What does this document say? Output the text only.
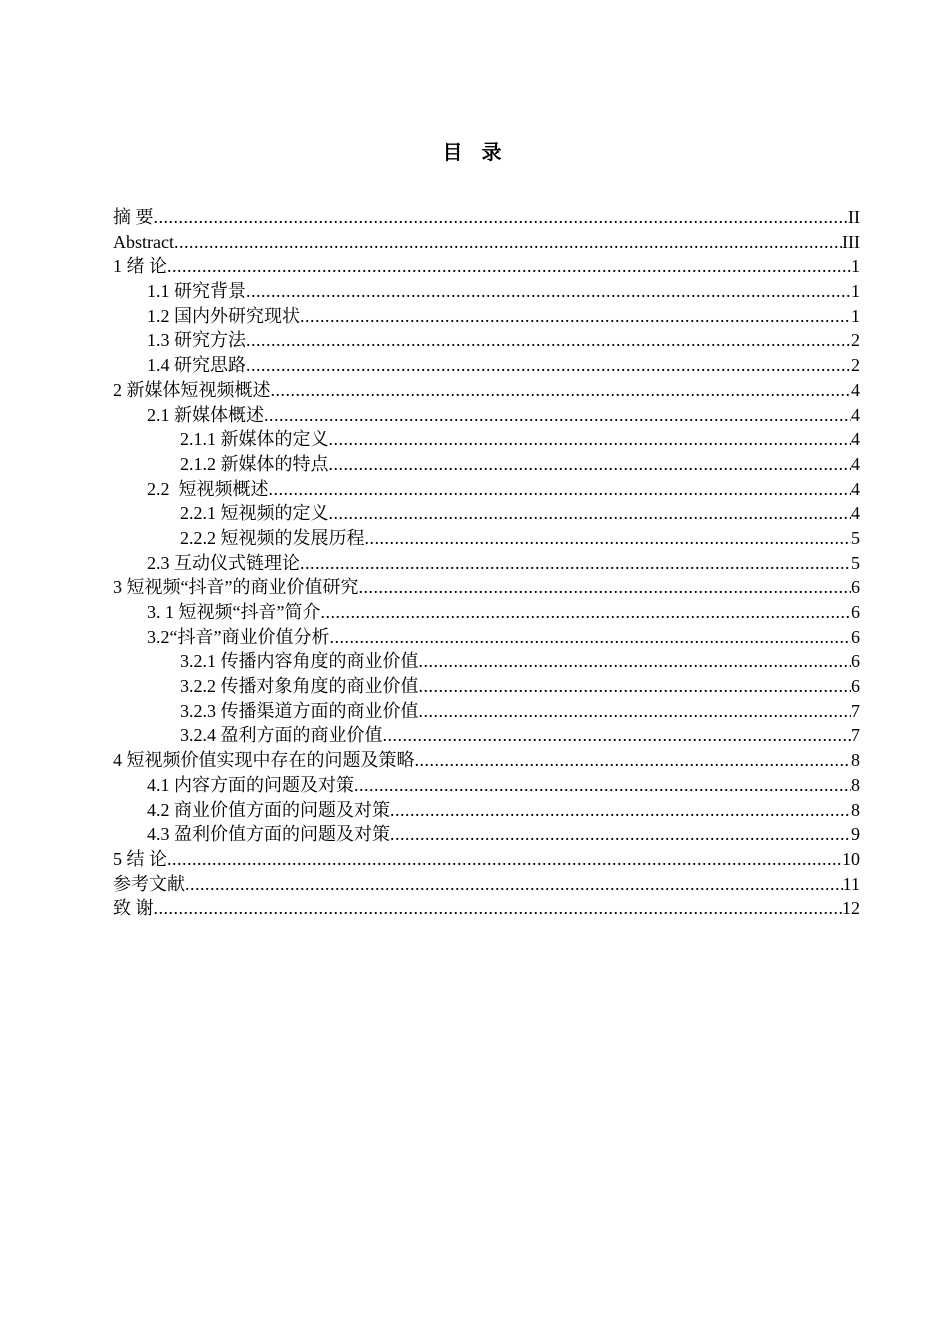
目 录
摘 要 .....	II
Abstract .....	III
1 绪 论 .....	1
1.1 研究背景 .....	1
1.2 国内外研究现状 .....	1
1.3 研究方法 .....	2
1.4 研究思路 .....	2
2 新媒体短视频概述 .....	4
2.1 新媒体概述 .....	4
2.1.1 新媒体的定义 .....	4
2.1.2 新媒体的特点 .....	4
2.2  短视频概述 .....	4
2.2.1 短视频的定义 .....	4
2.2.2 短视频的发展历程 .....	5
2.3 互动仪式链理论 .....	5
3 短视频“抖音”的商业价值研究 .....	6
3. 1 短视频“抖音”简介 .....	6
3.2“抖音”商业价值分析 .....	6
3.2.1 传播内容角度的商业价值 .....	6
3.2.2 传播对象角度的商业价值 .....	6
3.2.3 传播渠道方面的商业价值 .....	7
3.2.4 盈利方面的商业价值 .....	7
4 短视频价值实现中存在的问题及策略 .....	8
4.1 内容方面的问题及对策 .....	8
4.2 商业价值方面的问题及对策 .....	8
4.3 盈利价值方面的问题及对策 .....	9
5 结 论 .....	10
参考文献 .....	11
致 谢 .....	12
